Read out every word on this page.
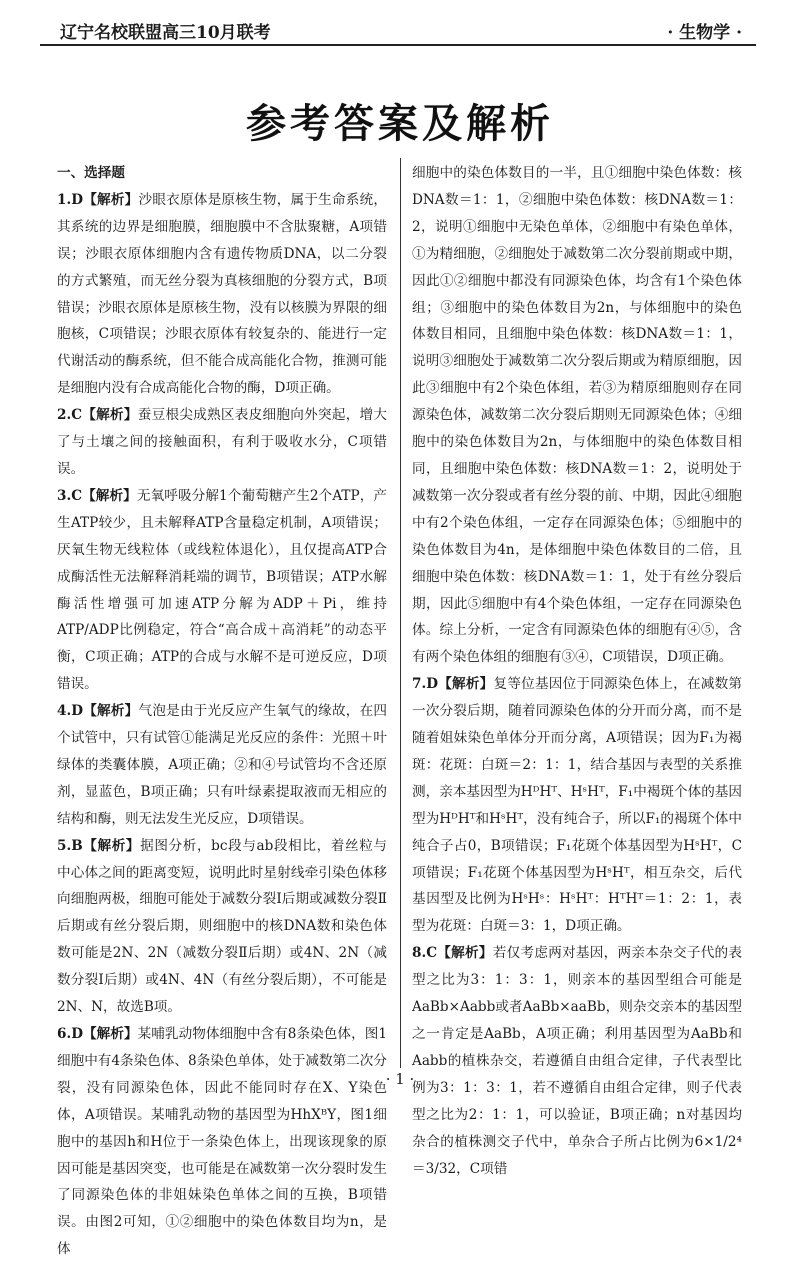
辽宁名校联盟高三10月联考	· 生物学 ·
参考答案及解析
一、选择题

1.D【解析】沙眼衣原体是原核生物，属于生命系统，其系统的边界是细胞膜，细胞膜中不含肽聚糖，A项错误；沙眼衣原体细胞内含有遗传物质DNA，以二分裂的方式繁殖，而无丝分裂为真核细胞的分裂方式，B项错误；沙眼衣原体是原核生物，没有以核膜为界限的细胞核，C项错误；沙眼衣原体有较复杂的、能进行一定代谢活动的酶系统，但不能合成高能化合物，推测可能是细胞内没有合成高能化合物的酶，D项正确。

2.C【解析】蚕豆根尖成熟区表皮细胞向外突起，增大了与土壤之间的接触面积，有利于吸收水分，C项错误。

3.C【解析】无氧呼吸分解1个葡萄糖产生2个ATP，产生ATP较少，且未解释ATP含量稳定机制，A项错误；厌氧生物无线粒体（或线粒体退化），且仅提高ATP合成酶活性无法解释消耗端的调节，B项错误；ATP水解酶活性增强可加速ATP分解为ADP＋Pi，维持ATP/ADP比例稳定，符合“高合成＋高消耗”的动态平衡，C项正确；ATP的合成与水解不是可逆反应，D项错误。

4.D【解析】气泡是由于光反应产生氧气的缘故，在四个试管中，只有试管①能满足光反应的条件：光照＋叶绿体的类囊体膜，A项正确；②和④号试管均不含还原剂，显蓝色，B项正确；只有叶绿素提取液而无相应的结构和酶，则无法发生光反应，D项错误。

5.B【解析】据图分析，bc段与ab段相比，着丝粒与中心体之间的距离变短，说明此时星射线牵引染色体移向细胞两极，细胞可能处于减数分裂Ⅰ后期或减数分裂Ⅱ后期或有丝分裂后期，则细胞中的核DNA数和染色体数可能是2N、2N（减数分裂Ⅱ后期）或4N、2N（减数分裂Ⅰ后期）或4N、4N（有丝分裂后期），不可能是2N、N，故选B项。

6.D【解析】某哺乳动物体细胞中含有8条染色体，图1细胞中有4条染色体、8条染色单体，处于减数第二次分裂，没有同源染色体，因此不能同时存在X、Y染色体，A项错误。某哺乳动物的基因型为HhXᴮY，图1细胞中的基因h和H位于一条染色体上，出现该现象的原因可能是基因突变，也可能是在减数第一次分裂时发生了同源染色体的非姐妹染色单体之间的互换，B项错误。由图2可知，①②细胞中的染色体数目均为n，是体

细胞中的染色体数目的一半，且①细胞中染色体数：核DNA数＝1：1，②细胞中染色体数：核DNA数＝1：2，说明①细胞中无染色单体，②细胞中有染色单体，①为精细胞，②细胞处于减数第二次分裂前期或中期，因此①②细胞中都没有同源染色体，均含有1个染色体组；③细胞中的染色体数目为2n，与体细胞中的染色体数目相同，且细胞中染色体数：核DNA数＝1：1，说明③细胞处于减数第二次分裂后期或为精原细胞，因此③细胞中有2个染色体组，若③为精原细胞则存在同源染色体，减数第二次分裂后期则无同源染色体；④细胞中的染色体数目为2n，与体细胞中的染色体数目相同，且细胞中染色体数：核DNA数＝1：2，说明处于减数第一次分裂或者有丝分裂的前、中期，因此④细胞中有2个染色体组，一定存在同源染色体；⑤细胞中的染色体数目为4n，是体细胞中染色体数目的二倍，且细胞中染色体数：核DNA数＝1：1，处于有丝分裂后期，因此⑤细胞中有4个染色体组，一定存在同源染色体。综上分析，一定含有同源染色体的细胞有④⑤，含有两个染色体组的细胞有③④，C项错误，D项正确。

7.D【解析】复等位基因位于同源染色体上，在减数第一次分裂后期，随着同源染色体的分开而分离，而不是随着姐妹染色单体分开而分离，A项错误；因为F₁为褐斑：花斑：白斑＝2：1：1，结合基因与表型的关系推测，亲本基因型为HᴰHᵀ、HˢHᵀ，F₁中褐斑个体的基因型为HᴰHᵀ和HˢHᵀ，没有纯合子，所以F₁的褐斑个体中纯合子占0，B项错误；F₁花斑个体基因型为HˢHᵀ，C项错误；F₁花斑个体基因型为HˢHᵀ，相互杂交，后代基因型及比例为HˢHˢ：HˢHᵀ：HᵀHᵀ＝1：2：1，表型为花斑：白斑＝3：1，D项正确。

8.C【解析】若仅考虑两对基因，两亲本杂交子代的表型之比为3：1：3：1，则亲本的基因型组合可能是AaBb×Aabb或者AaBb×aaBb，则杂交亲本的基因型之一肯定是AaBb，A项正确；利用基因型为AaBb和Aabb的植株杂交，若遵循自由组合定律，子代表型比例为3：1：3：1，若不遵循自由组合定律，则子代表型之比为2：1：1，可以验证，B项正确；n对基因均杂合的植株测交子代中，单杂合子所占比例为6×1/2⁴＝3/32，C项错

· 1 ·
